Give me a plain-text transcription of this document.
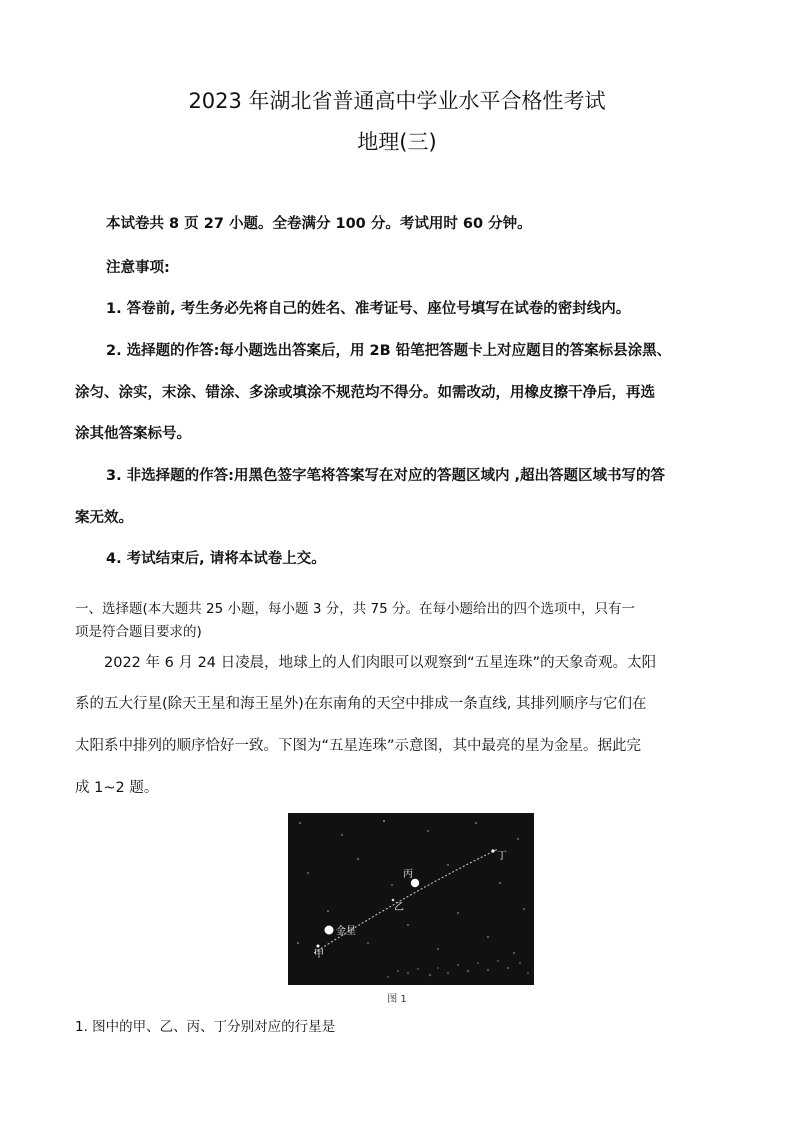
2023 年湖北省普通高中学业水平合格性考试
地理(三)
本试卷共 8 页 27 小题。全卷满分 100 分。考试用时 60 分钟。
注意事项:
1. 答卷前, 考生务必先将自己的姓名、准考证号、座位号填写在试卷的密封线内。
2. 选择题的作答:每小题选出答案后，用 2B 铅笔把答题卡上对应题目的答案标县涂黑、
涂匀、涂实，末涂、错涂、多涂或填涂不规范均不得分。如需改动，用橡皮擦干净后，再选
涂其他答案标号。
3. 非选择题的作答:用黑色签字笔将答案写在对应的答题区域内 ,超出答题区域书写的答
案无效。
4. 考试结束后, 请将本试卷上交。
一、选择题(本大题共 25 小题，每小题 3 分，共 75 分。在每小题给出的四个选项中，只有一
项是符合题目要求的)
2022 年 6 月 24 日凌晨，地球上的人们肉眼可以观察到“五星连珠”的天象奇观。太阳
系的五大行星(除天王星和海王星外)在东南角的天空中排成一条直线, 其排列顺序与它们在
太阳系中排列的顺序恰好一致。下图为“五星连珠”示意图，其中最亮的星为金星。据此完
成 1~2 题。
甲
金星
乙
丙
丁
图 1
1. 图中的甲、乙、丙、丁分别对应的行星是
